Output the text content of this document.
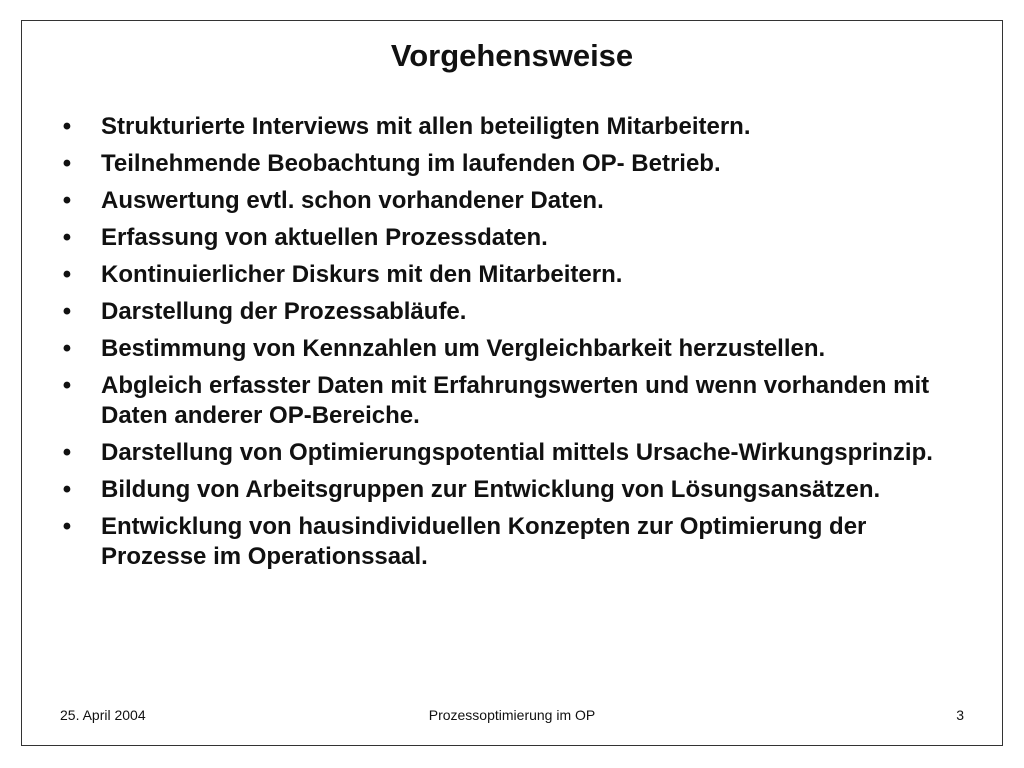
Vorgehensweise
• Strukturierte Interviews mit allen beteiligten Mitarbeitern.
• Teilnehmende Beobachtung im laufenden OP- Betrieb.
• Auswertung evtl. schon vorhandener Daten.
• Erfassung von aktuellen Prozessdaten.
• Kontinuierlicher Diskurs mit den Mitarbeitern.
• Darstellung der Prozessabläufe.
• Bestimmung von Kennzahlen um Vergleichbarkeit herzustellen.
• Abgleich erfasster Daten mit Erfahrungswerten und wenn vorhanden mit Daten anderer OP-Bereiche.
• Darstellung von Optimierungspotential mittels Ursache-Wirkungsprinzip.
• Bildung von Arbeitsgruppen zur Entwicklung von Lösungsansätzen.
• Entwicklung von hausindividuellen Konzepten zur Optimierung der Prozesse im Operationssaal.
25. April 2004	Prozessoptimierung im OP	3
